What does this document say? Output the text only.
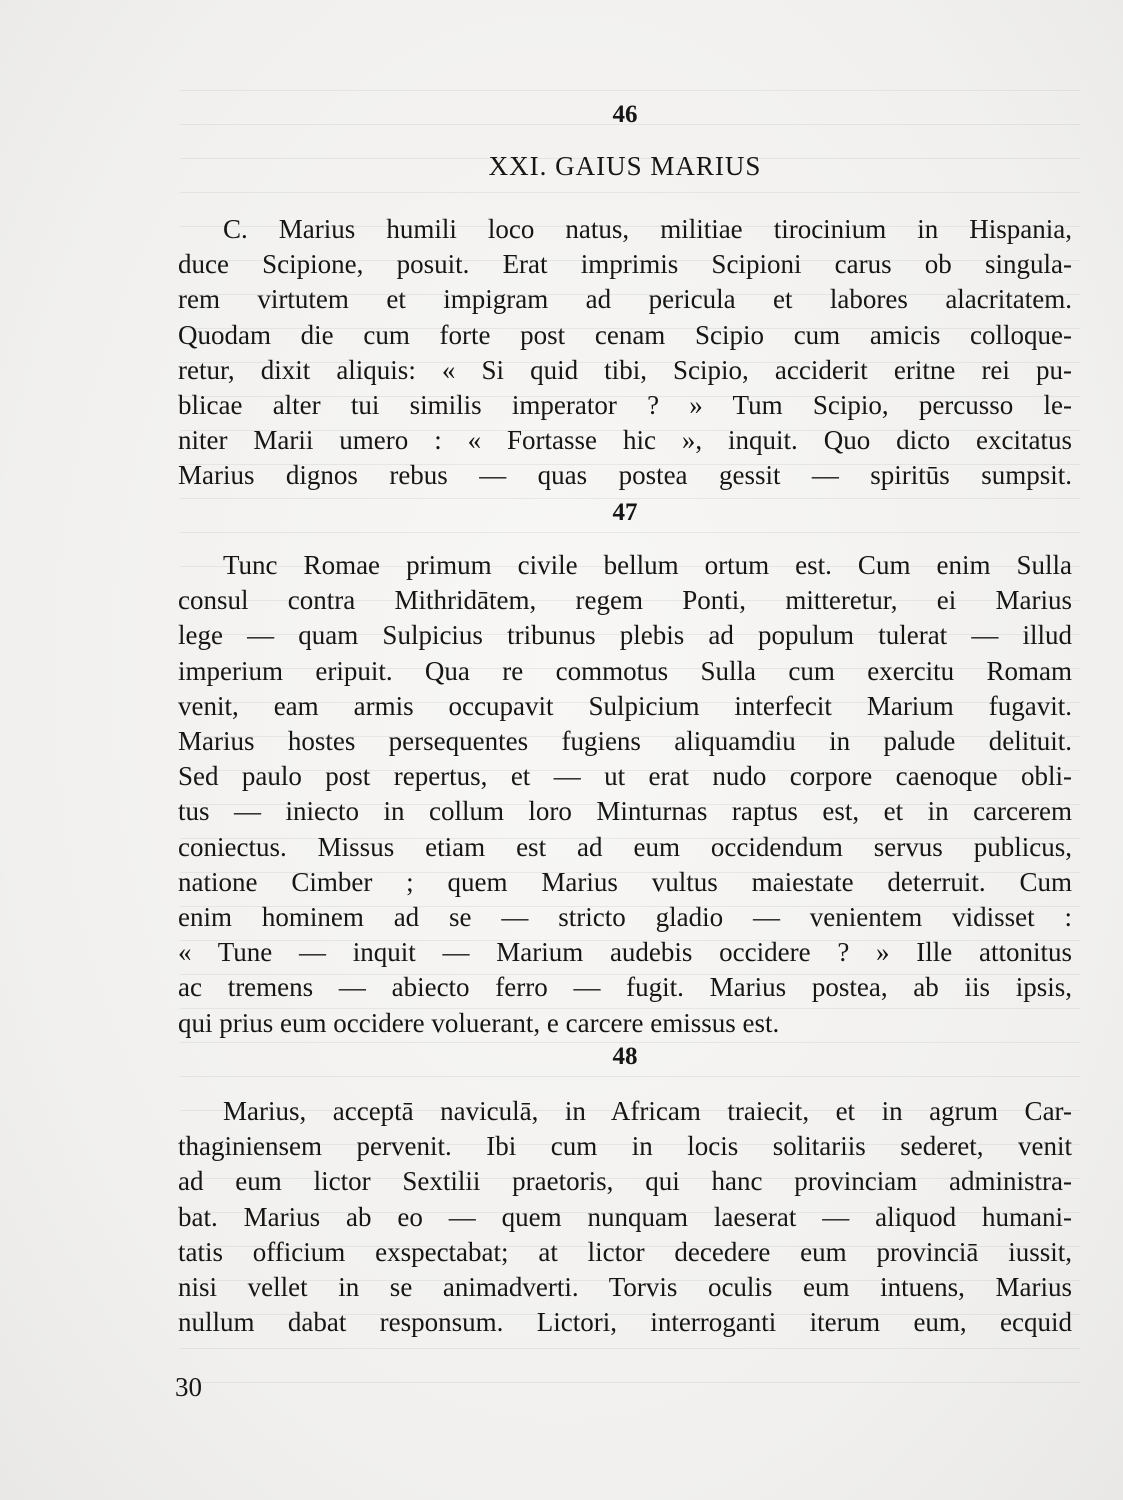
46
XXI. GAIUS MARIUS
C. Marius humili loco natus, militiae tirocinium in Hispania,
duce Scipione, posuit. Erat imprimis Scipioni carus ob singula-
rem virtutem et impigram ad pericula et labores alacritatem.
Quodam die cum forte post cenam Scipio cum amicis colloque-
retur, dixit aliquis: « Si quid tibi, Scipio, acciderit eritne rei pu-
blicae alter tui similis imperator ? » Tum Scipio, percusso le-
niter Marii umero : « Fortasse hic », inquit. Quo dicto excitatus
Marius dignos rebus — quas postea gessit — spiritūs sumpsit.
47
Tunc Romae primum civile bellum ortum est. Cum enim Sulla
consul contra Mithridātem, regem Ponti, mitteretur, ei Marius
lege — quam Sulpicius tribunus plebis ad populum tulerat — illud
imperium eripuit. Qua re commotus Sulla cum exercitu Romam
venit, eam armis occupavit Sulpicium interfecit Marium fugavit.
Marius hostes persequentes fugiens aliquamdiu in palude delituit.
Sed paulo post repertus, et — ut erat nudo corpore caenoque obli-
tus — iniecto in collum loro Minturnas raptus est, et in carcerem
coniectus. Missus etiam est ad eum occidendum servus publicus,
natione Cimber ; quem Marius vultus maiestate deterruit. Cum
enim hominem ad se — stricto gladio — venientem vidisset :
« Tune — inquit — Marium audebis occidere ? » Ille attonitus
ac tremens — abiecto ferro — fugit. Marius postea, ab iis ipsis,
qui prius eum occidere voluerant, e carcere emissus est.
48
Marius, acceptā naviculā, in Africam traiecit, et in agrum Car-
thaginiensem pervenit. Ibi cum in locis solitariis sederet, venit
ad eum lictor Sextilii praetoris, qui hanc provinciam administra-
bat. Marius ab eo — quem nunquam laeserat — aliquod humani-
tatis officium exspectabat; at lictor decedere eum provinciā iussit,
nisi vellet in se animadverti. Torvis oculis eum intuens, Marius
nullum dabat responsum. Lictori, interroganti iterum eum, ecquid
30
